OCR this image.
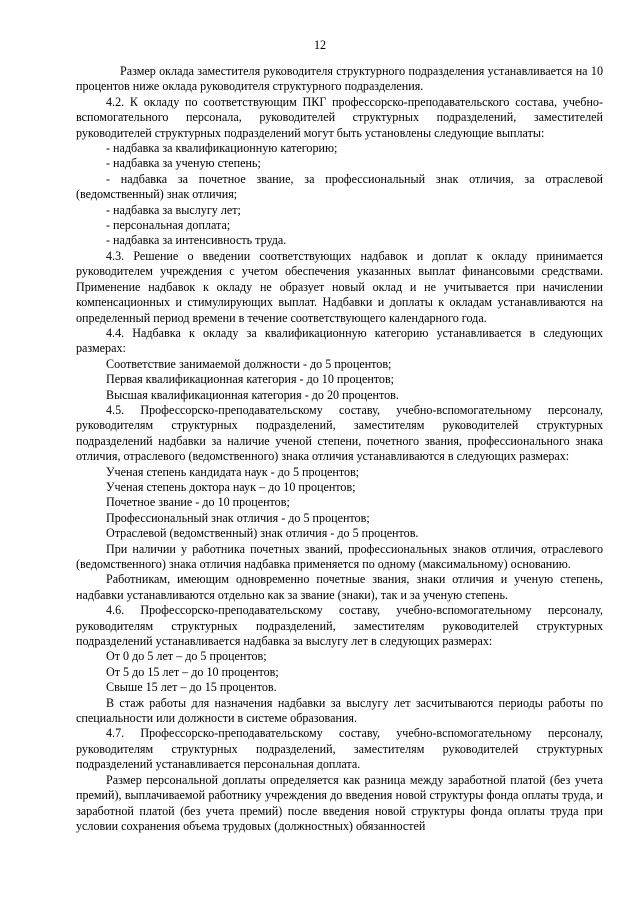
12

Размер оклада заместителя руководителя структурного подразделения устанавливается на 10 процентов ниже оклада руководителя структурного подразделения.

4.2. К окладу по соответствующим ПКГ профессорско-преподавательского состава, учебно-вспомогательного персонала, руководителей структурных подразделений, заместителей руководителей структурных подразделений могут быть установлены следующие выплаты:

- надбавка за квалификационную категорию;

- надбавка за ученую степень;

- надбавка за почетное звание, за профессиональный знак отличия, за отраслевой (ведомственный) знак отличия;

- надбавка за выслугу лет;

- персональная доплата;

- надбавка за интенсивность труда.

4.3. Решение о введении соответствующих надбавок и доплат к окладу принимается руководителем учреждения с учетом обеспечения указанных выплат финансовыми средствами. Применение надбавок к окладу не образует новый оклад и не учитывается при начислении компенсационных и стимулирующих выплат. Надбавки и доплаты к окладам устанавливаются на определенный период времени в течение соответствующего календарного года.

4.4. Надбавка к окладу за квалификационную категорию устанавливается в следующих размерах:

Соответствие занимаемой должности - до 5 процентов;

Первая квалификационная категория - до 10 процентов;

Высшая квалификационная категория - до 20 процентов.

4.5. Профессорско-преподавательскому составу, учебно-вспомогательному персоналу, руководителям структурных подразделений, заместителям руководителей структурных подразделений надбавки за наличие ученой степени, почетного звания, профессионального знака отличия, отраслевого (ведомственного) знака отличия устанавливаются в следующих размерах:

Ученая степень кандидата наук - до 5 процентов;

Ученая степень доктора наук – до 10 процентов;

Почетное звание - до 10 процентов;

Профессиональный знак отличия - до 5 процентов;

Отраслевой (ведомственный) знак отличия - до 5 процентов.

При наличии у работника почетных званий, профессиональных знаков отличия, отраслевого (ведомственного) знака отличия надбавка применяется по одному (максимальному) основанию.

Работникам, имеющим одновременно почетные звания, знаки отличия и ученую степень, надбавки устанавливаются отдельно как за звание (знаки), так и за ученую степень.

4.6. Профессорско-преподавательскому составу, учебно-вспомогательному персоналу, руководителям структурных подразделений, заместителям руководителей структурных подразделений устанавливается надбавка за выслугу лет в следующих размерах:

От 0 до 5 лет – до 5 процентов;

От 5 до 15 лет – до 10 процентов;

Свыше 15 лет – до 15 процентов.

В стаж работы для назначения надбавки за выслугу лет засчитываются периоды работы по специальности или должности в системе образования.

4.7. Профессорско-преподавательскому составу, учебно-вспомогательному персоналу, руководителям структурных подразделений, заместителям руководителей структурных подразделений устанавливается персональная доплата.

Размер персональной доплаты определяется как разница между заработной платой (без учета премий), выплачиваемой работнику учреждения до введения новой структуры фонда оплаты труда, и заработной платой (без учета премий) после введения новой структуры фонда оплаты труда при условии сохранения объема трудовых (должностных) обязанностей
